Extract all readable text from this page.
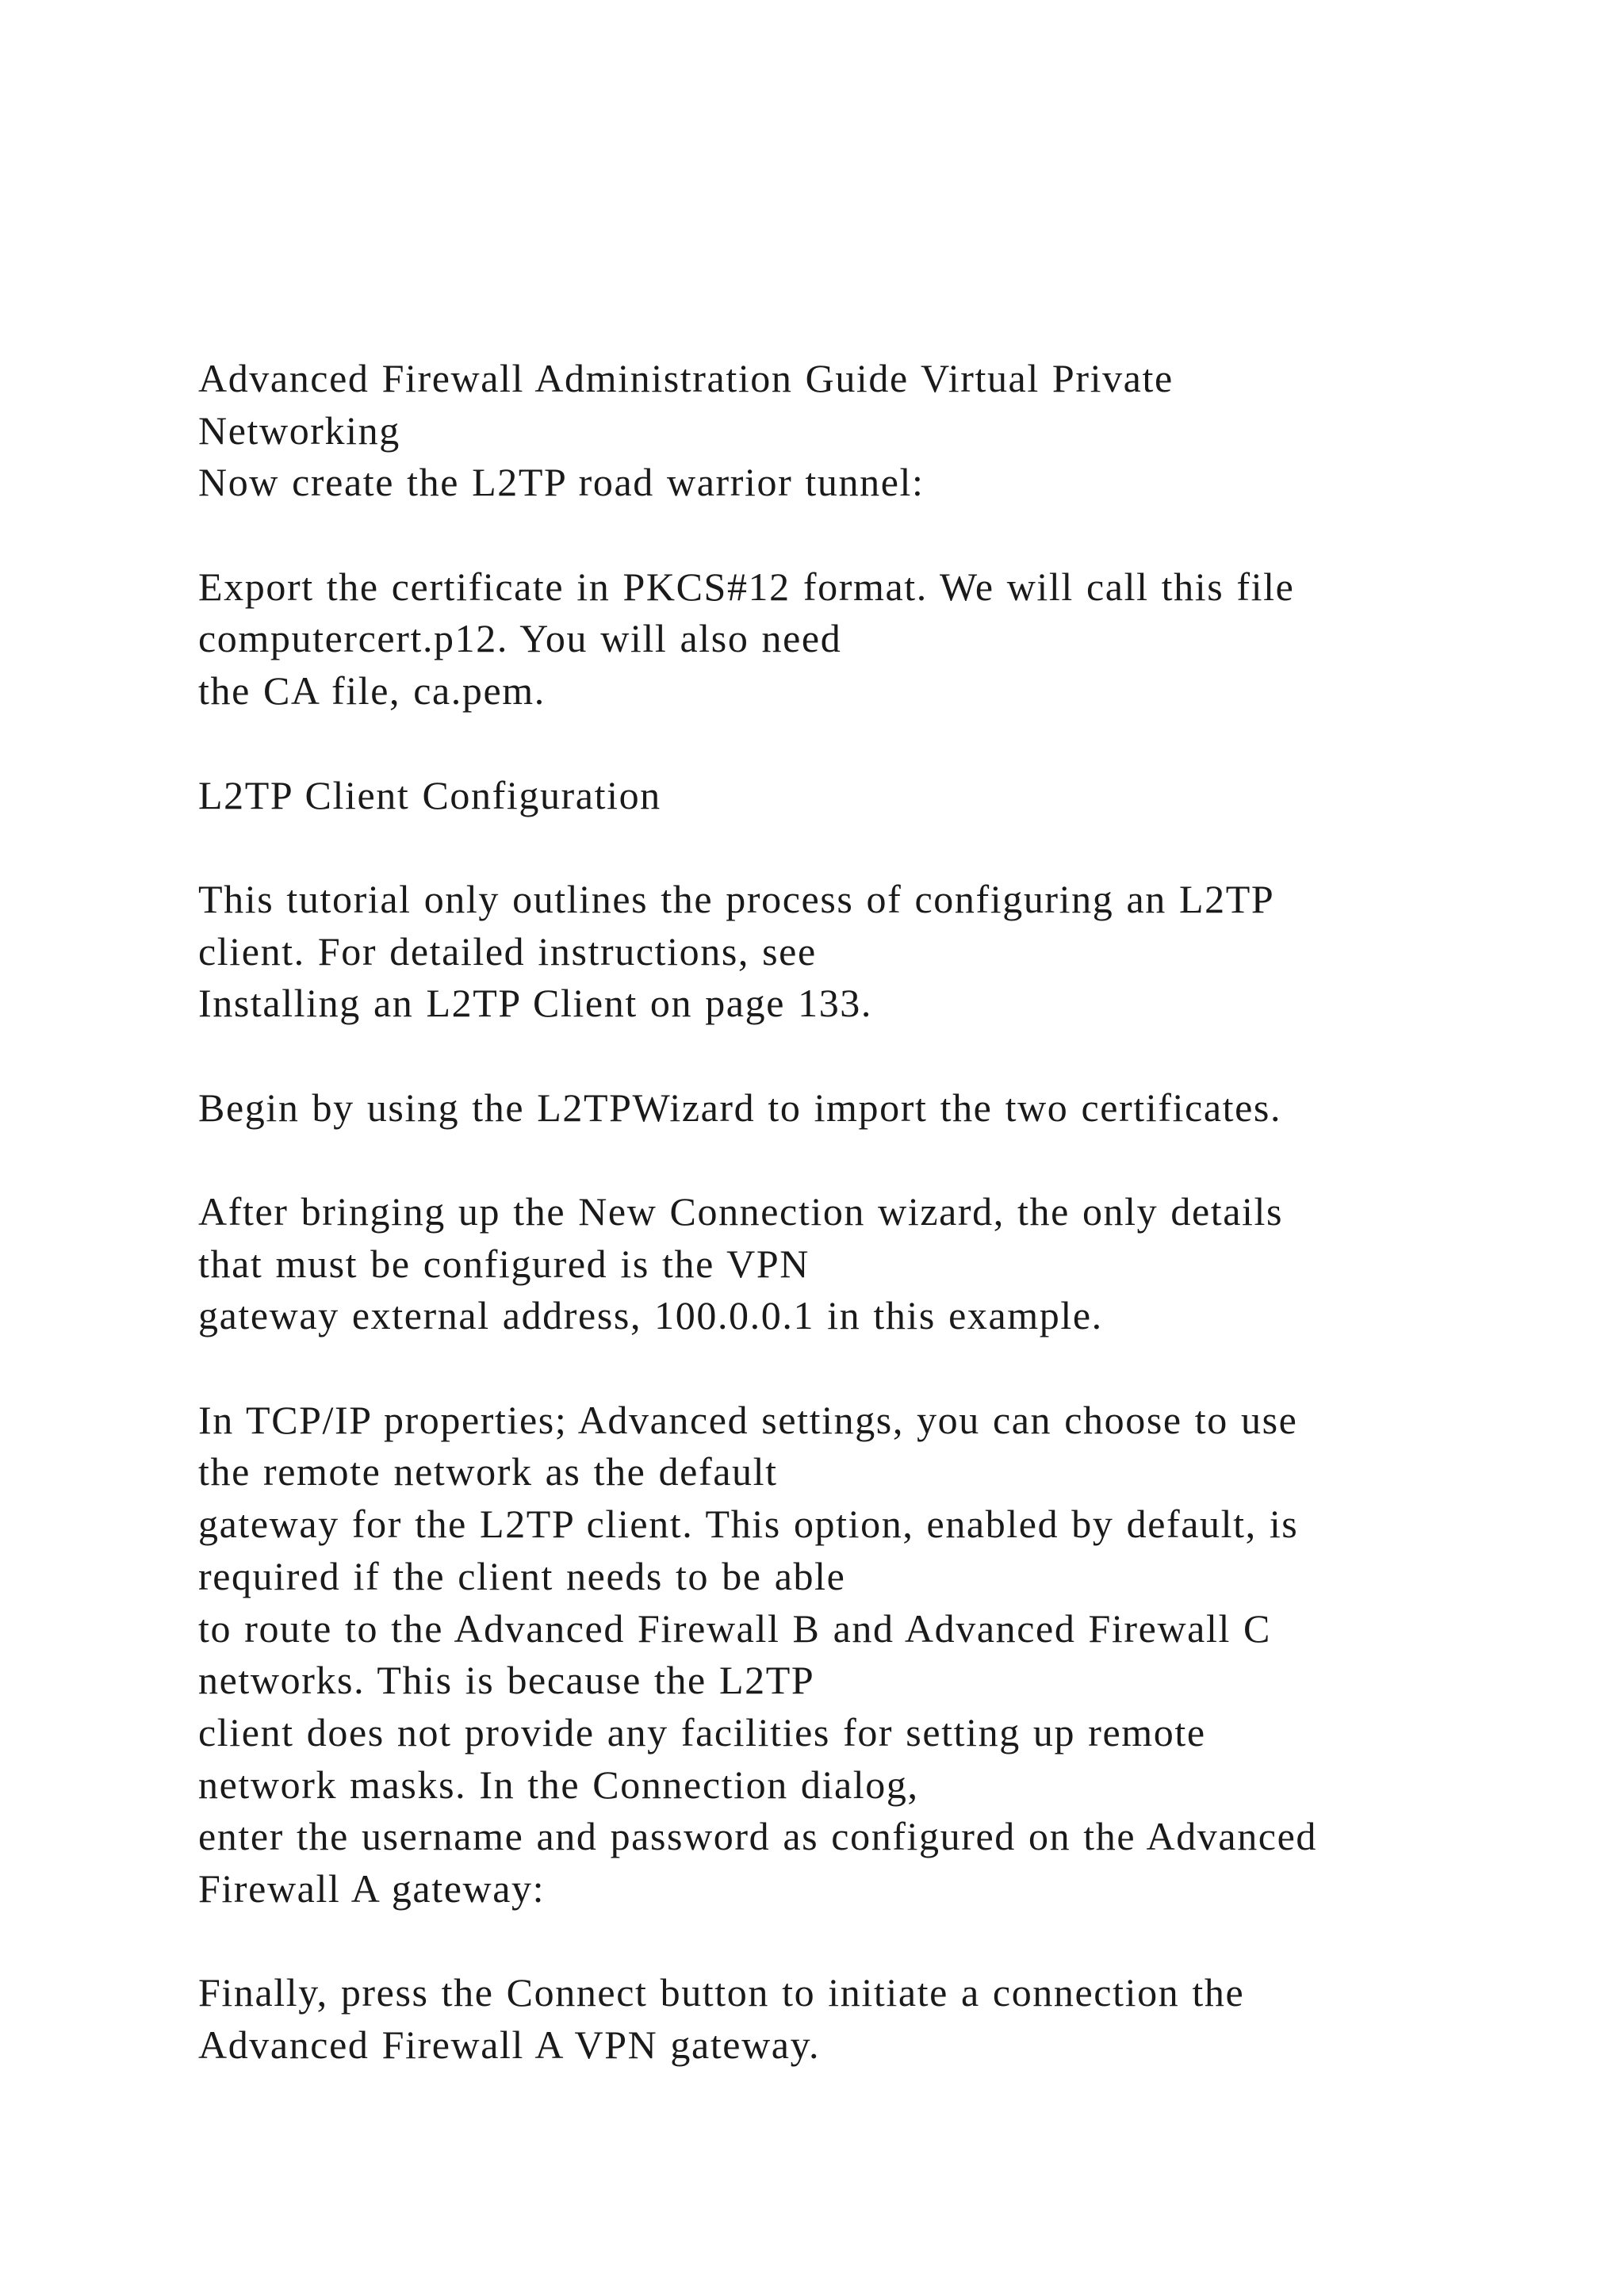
Advanced Firewall Administration Guide Virtual Private
Networking
Now create the L2TP road warrior tunnel:
Export the certificate in PKCS#12 format. We will call this file
computercert.p12. You will also need
the CA file, ca.pem.
L2TP Client Configuration
This tutorial only outlines the process of configuring an L2TP
client. For detailed instructions, see
Installing an L2TP Client on page 133.
Begin by using the L2TPWizard to import the two certificates.
After bringing up the New Connection wizard, the only details
that must be configured is the VPN
gateway external address, 100.0.0.1 in this example.
In TCP/IP properties; Advanced settings, you can choose to use
the remote network as the default
gateway for the L2TP client. This option, enabled by default, is
required if the client needs to be able
to route to the Advanced Firewall B and Advanced Firewall C
networks. This is because the L2TP
client does not provide any facilities for setting up remote
network masks. In the Connection dialog,
enter the username and password as configured on the Advanced
Firewall A gateway:
Finally, press the Connect button to initiate a connection the
Advanced Firewall A VPN gateway.
